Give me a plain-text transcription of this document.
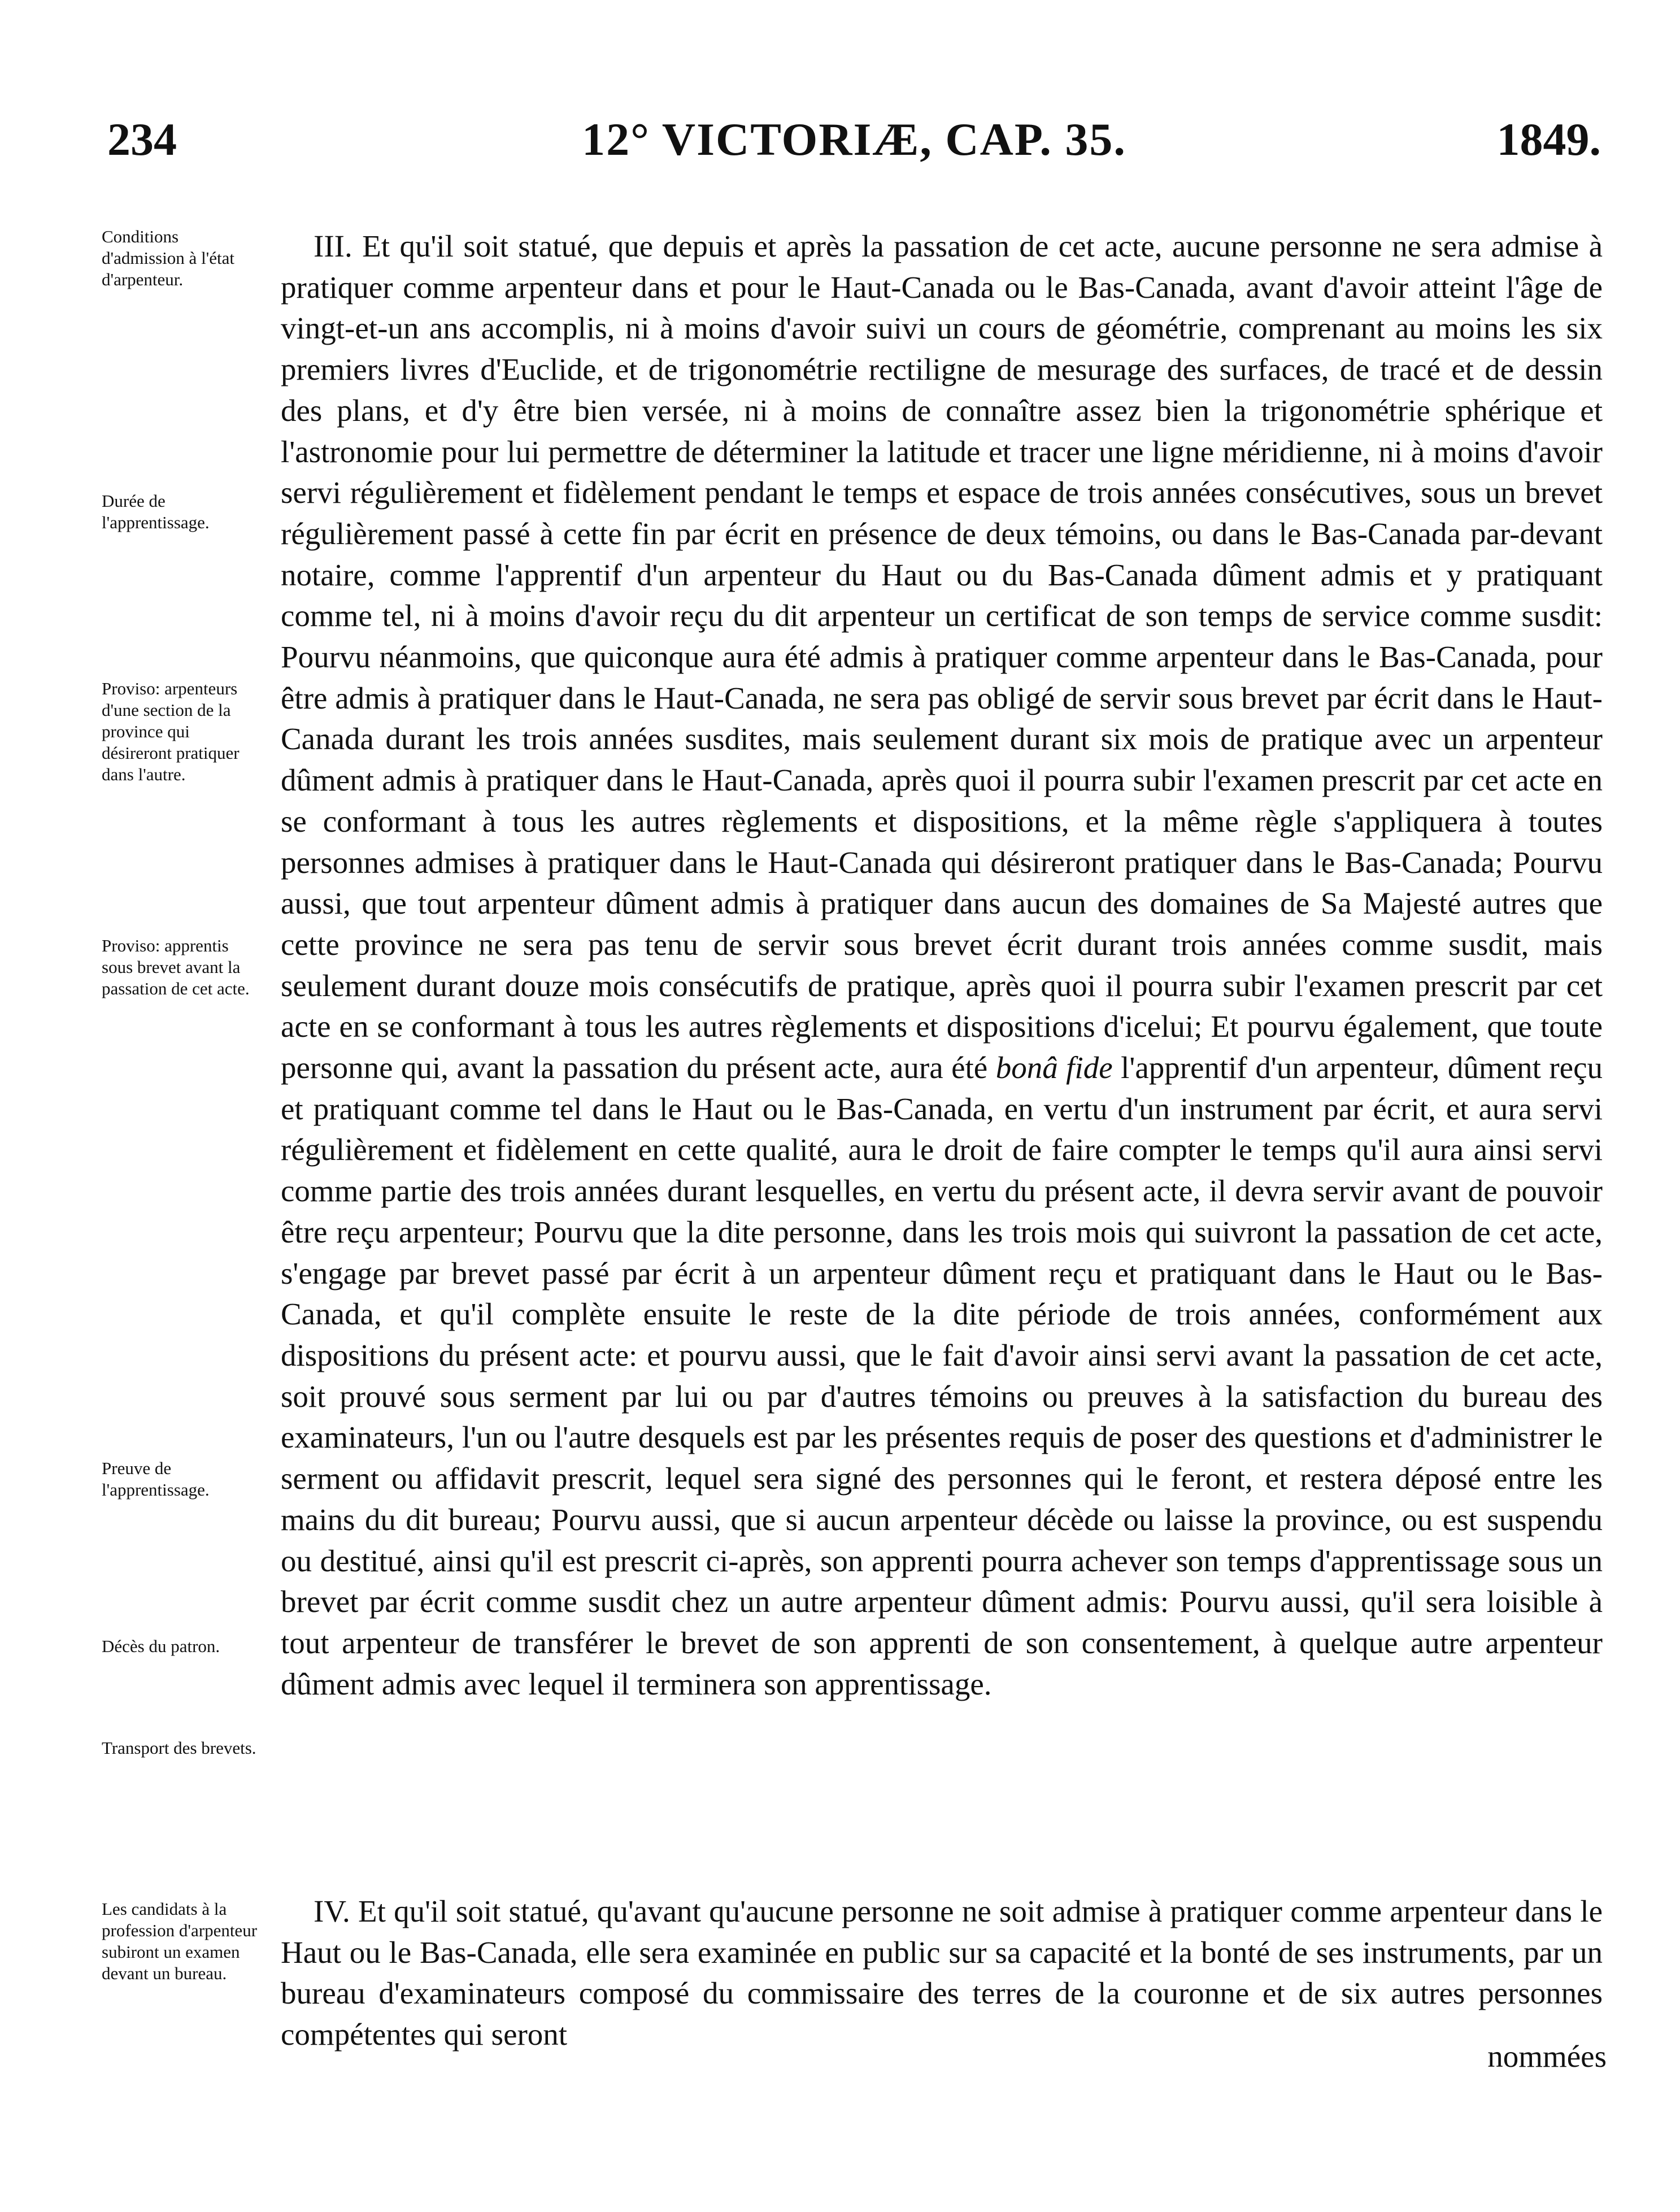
234	12° VICTORIÆ, CAP. 35.	1849.
Conditions d'admission à l'état d'arpenteur.
Durée de l'apprentissage.
Proviso: arpenteurs d'une section de la province qui désireront pratiquer dans l'autre.
Proviso: apprentis sous brevet avant la passation de cet acte.
Preuve de l'apprentissage.
Décès du patron.
Transport des brevets.
Les candidats à la profession d'arpenteur subiront un examen devant un bureau.

III. Et qu'il soit statué, que depuis et après la passation de cet acte, aucune personne ne sera admise à pratiquer comme arpenteur dans et pour le Haut-Canada ou le Bas-Canada, avant d'avoir atteint l'âge de vingt-et-un ans accomplis, ni à moins d'avoir suivi un cours de géométrie, comprenant au moins les six premiers livres d'Euclide, et de trigonométrie rectiligne de mesurage des surfaces, de tracé et de dessin des plans, et d'y être bien versée, ni à moins de connaître assez bien la trigonométrie sphérique et l'astronomie pour lui permettre de déterminer la latitude et tracer une ligne méridienne, ni à moins d'avoir servi régulièrement et fidèlement pendant le temps et espace de trois années consécutives, sous un brevet régulièrement passé à cette fin par écrit en présence de deux témoins, ou dans le Bas-Canada par-devant notaire, comme l'apprentif d'un arpenteur du Haut ou du Bas-Canada dûment admis et y pratiquant comme tel, ni à moins d'avoir reçu du dit arpenteur un certificat de son temps de service comme susdit: Pourvu néanmoins, que quiconque aura été admis à pratiquer comme arpenteur dans le Bas-Canada, pour être admis à pratiquer dans le Haut-Canada, ne sera pas obligé de servir sous brevet par écrit dans le Haut-Canada durant les trois années susdites, mais seulement durant six mois de pratique avec un arpenteur dûment admis à pratiquer dans le Haut-Canada, après quoi il pourra subir l'examen prescrit par cet acte en se conformant à tous les autres règlements et dispositions, et la même règle s'appliquera à toutes personnes admises à pratiquer dans le Haut-Canada qui désireront pratiquer dans le Bas-Canada; Pourvu aussi, que tout arpenteur dûment admis à pratiquer dans aucun des domaines de Sa Majesté autres que cette province ne sera pas tenu de servir sous brevet écrit durant trois années comme susdit, mais seulement durant douze mois consécutifs de pratique, après quoi il pourra subir l'examen prescrit par cet acte en se conformant à tous les autres règlements et dispositions d'icelui; Et pourvu également, que toute personne qui, avant la passation du présent acte, aura été bonâ fide l'apprentif d'un arpenteur, dûment reçu et pratiquant comme tel dans le Haut ou le Bas-Canada, en vertu d'un instrument par écrit, et aura servi régulièrement et fidèlement en cette qualité, aura le droit de faire compter le temps qu'il aura ainsi servi comme partie des trois années durant lesquelles, en vertu du présent acte, il devra servir avant de pouvoir être reçu arpenteur; Pourvu que la dite personne, dans les trois mois qui suivront la passation de cet acte, s'engage par brevet passé par écrit à un arpenteur dûment reçu et pratiquant dans le Haut ou le Bas-Canada, et qu'il complète ensuite le reste de la dite période de trois années, conformément aux dispositions du présent acte: et pourvu aussi, que le fait d'avoir ainsi servi avant la passation de cet acte, soit prouvé sous serment par lui ou par d'autres témoins ou preuves à la satisfaction du bureau des examinateurs, l'un ou l'autre desquels est par les présentes requis de poser des questions et d'administrer le serment ou affidavit prescrit, lequel sera signé des personnes qui le feront, et restera déposé entre les mains du dit bureau; Pourvu aussi, que si aucun arpenteur décède ou laisse la province, ou est suspendu ou destitué, ainsi qu'il est prescrit ci-après, son apprenti pourra achever son temps d'apprentissage sous un brevet par écrit comme susdit chez un autre arpenteur dûment admis: Pourvu aussi, qu'il sera loisible à tout arpenteur de transférer le brevet de son apprenti de son consentement, à quelque autre arpenteur dûment admis avec lequel il terminera son apprentissage.

IV. Et qu'il soit statué, qu'avant qu'aucune personne ne soit admise à pratiquer comme arpenteur dans le Haut ou le Bas-Canada, elle sera examinée en public sur sa capacité et la bonté de ses instruments, par un bureau d'examinateurs composé du commissaire des terres de la couronne et de six autres personnes compétentes qui seront

nommées
